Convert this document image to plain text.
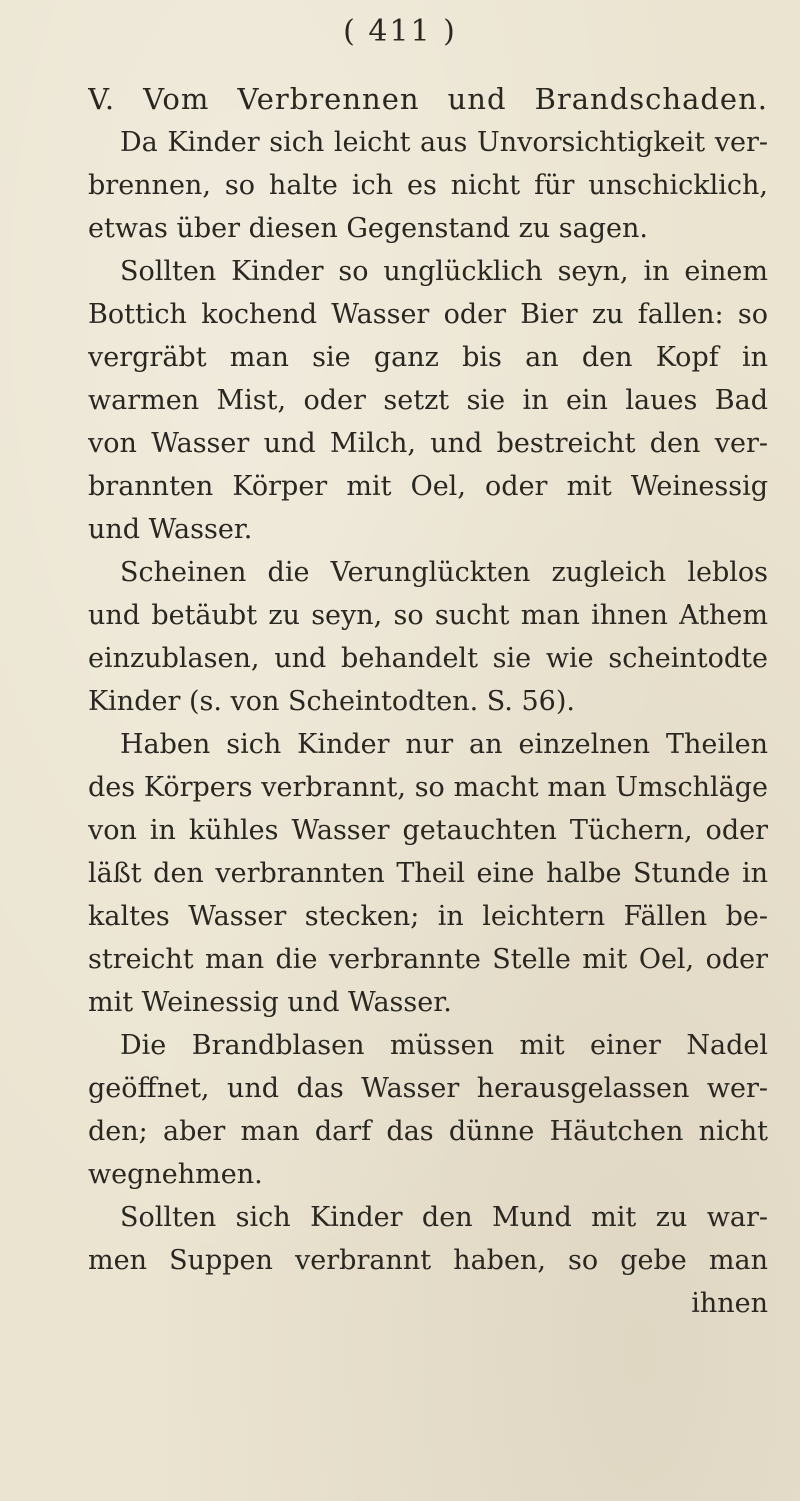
( 411 )
V. Vom Verbrennen und Brandschaden.
Da Kinder sich leicht aus Unvorsichtigkeit ver-
brennen, so halte ich es nicht für unschicklich,
etwas über diesen Gegenstand zu sagen.
Sollten Kinder so unglücklich seyn, in einem
Bottich kochend Wasser oder Bier zu fallen: so
vergräbt man sie ganz bis an den Kopf in
warmen Mist, oder setzt sie in ein laues Bad
von Wasser und Milch, und bestreicht den ver-
brannten Körper mit Oel, oder mit Weinessig
und Wasser.
Scheinen die Verunglückten zugleich leblos
und betäubt zu seyn, so sucht man ihnen Athem
einzublasen, und behandelt sie wie scheintodte
Kinder (s. von Scheintodten. S. 56).
Haben sich Kinder nur an einzelnen Theilen
des Körpers verbrannt, so macht man Umschläge
von in kühles Wasser getauchten Tüchern, oder
läßt den verbrannten Theil eine halbe Stunde in
kaltes Wasser stecken; in leichtern Fällen be-
streicht man die verbrannte Stelle mit Oel, oder
mit Weinessig und Wasser.
Die Brandblasen müssen mit einer Nadel
geöffnet, und das Wasser herausgelassen wer-
den; aber man darf das dünne Häutchen nicht
wegnehmen.
Sollten sich Kinder den Mund mit zu war-
men Suppen verbrannt haben, so gebe man
ihnen
